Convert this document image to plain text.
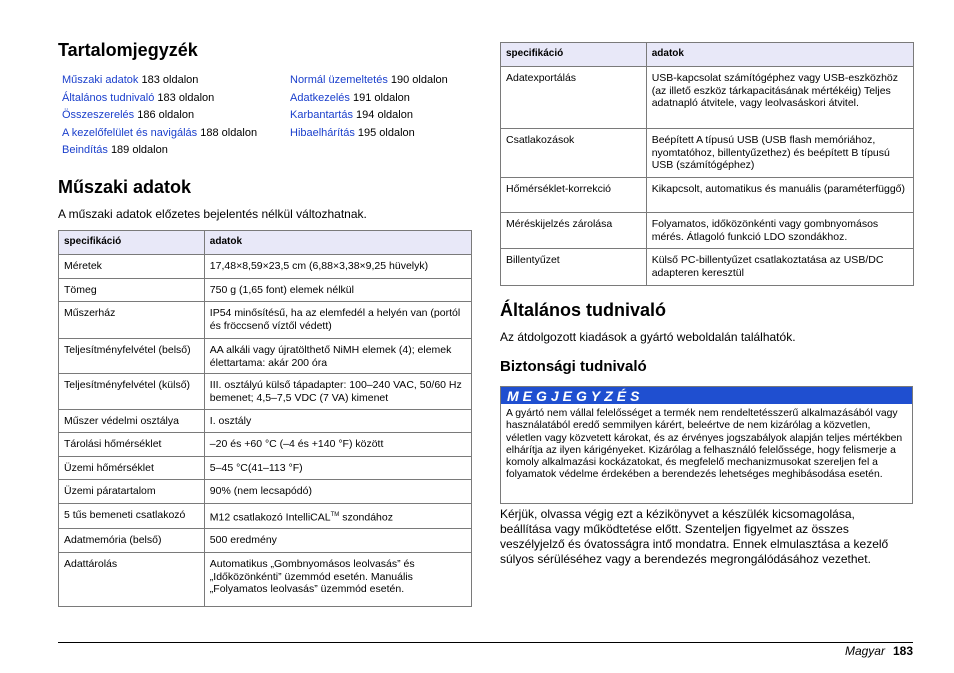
Tartalomjegyzék
Műszaki adatok 183 oldalon
Általános tudnivaló 183 oldalon
Összeszerelés 186 oldalon
A kezelőfelület és navigálás 188 oldalon
Beindítás 189 oldalon
Normál üzemeltetés 190 oldalon
Adatkezelés 191 oldalon
Karbantartás 194 oldalon
Hibaelhárítás 195 oldalon
Műszaki adatok
A műszaki adatok előzetes bejelentés nélkül változhatnak.
specifikáció	adatok
Méretek	17,48×8,59×23,5 cm (6,88×3,38×9,25 hüvelyk)
Tömeg	750 g (1,65 font) elemek nélkül
Műszerház	IP54 minősítésű, ha az elemfedél a helyén van (portól és fröccsenő víztől védett)
Teljesítményfelvétel (belső)	AA alkáli vagy újratölthető NiMH elemek (4); elemek élettartama: akár 200 óra
Teljesítményfelvétel (külső)	III. osztályú külső tápadapter: 100–240 VAC, 50/60 Hz bemenet; 4,5–7,5 VDC (7 VA) kimenet
Műszer védelmi osztálya	I. osztály
Tárolási hőmérséklet	–20 és +60 °C (–4 és +140 °F) között
Üzemi hőmérséklet	5–45 °C(41–113 °F)
Üzemi páratartalom	90% (nem lecsapódó)
5 tűs bemeneti csatlakozó	M12 csatlakozó IntelliCAL™ szondához
Adatmemória (belső)	500 eredmény
Adattárolás	Automatikus „Gombnyomásos leolvasás” és „Időközönkénti” üzemmód esetén. Manuális „Folyamatos leolvasás” üzemmód esetén.
specifikáció	adatok
Adatexportálás	USB-kapcsolat számítógéphez vagy USB-eszközhöz (az illető eszköz tárkapacitásának mértékéig) Teljes adatnapló átvitele, vagy leolvasáskori átvitel.
Csatlakozások	Beépített A típusú USB (USB flash memóriához, nyomtatóhoz, billentyűzethez) és beépített B típusú USB (számítógéphez)
Hőmérséklet-korrekció	Kikapcsolt, automatikus és manuális (paraméterfüggő)
Méréskijelzés zárolása	Folyamatos, időközönkénti vagy gombnyomásos mérés. Átlagoló funkció LDO szondákhoz.
Billentyűzet	Külső PC-billentyűzet csatlakoztatása az USB/DC adapteren keresztül
Általános tudnivaló
Az átdolgozott kiadások a gyártó weboldalán találhatók.
Biztonsági tudnivaló
MEGJEGYZÉS
A gyártó nem vállal felelősséget a termék nem rendeltetésszerű alkalmazásából vagy használatából eredő semmilyen kárért, beleértve de nem kizárólag a közvetlen, véletlen vagy közvetett károkat, és az érvényes jogszabályok alapján teljes mértékben elhárítja az ilyen kárigényeket. Kizárólag a felhasználó felelőssége, hogy felismerje a komoly alkalmazási kockázatokat, és megfelelő mechanizmusokat szereljen fel a folyamatok védelme érdekében a berendezés lehetséges meghibásodása esetén.
Kérjük, olvassa végig ezt a kézikönyvet a készülék kicsomagolása, beállítása vagy működtetése előtt. Szenteljen figyelmet az összes veszélyjelző és óvatosságra intő mondatra. Ennek elmulasztása a kezelő súlyos sérüléséhez vagy a berendezés megrongálódásához vezethet.
Magyar 183
